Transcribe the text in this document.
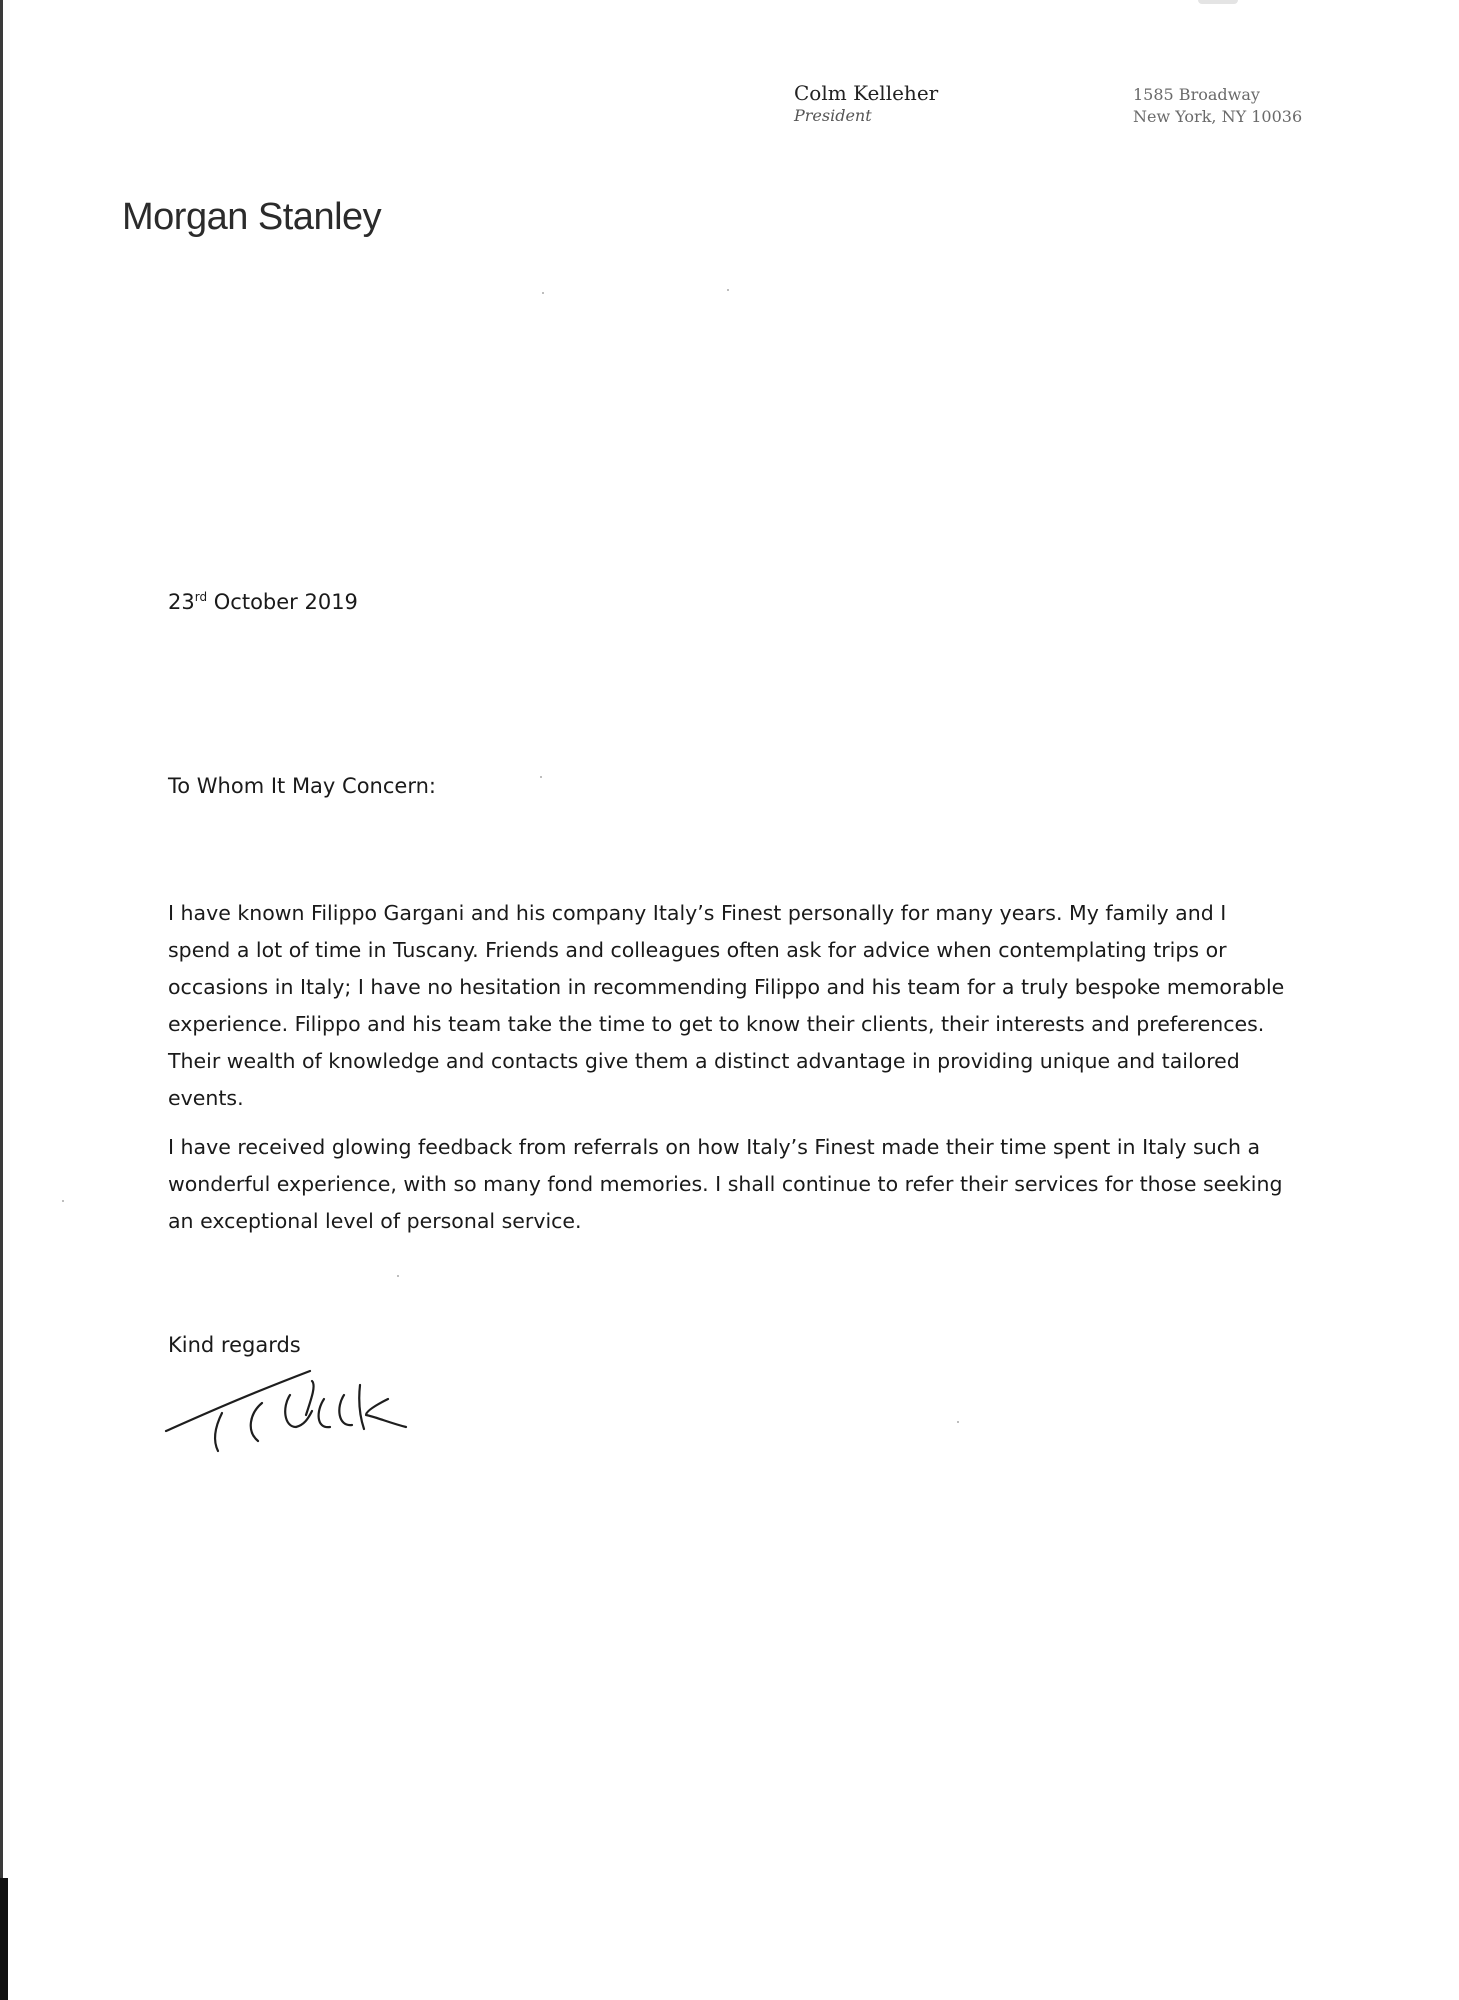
Colm Kelleher
President
1585 Broadway
New York, NY 10036
Morgan Stanley
23rd October 2019
To Whom It May Concern:

I have known Filippo Gargani and his company Italy’s Finest personally for many years. My family and I spend a lot of time in Tuscany. Friends and colleagues often ask for advice when contemplating trips or occasions in Italy; I have no hesitation in recommending Filippo and his team for a truly bespoke memorable experience. Filippo and his team take the time to get to know their clients, their interests and preferences. Their wealth of knowledge and contacts give them a distinct advantage in providing unique and tailored events.

I have received glowing feedback from referrals on how Italy’s Finest made their time spent in Italy such a wonderful experience, with so many fond memories. I shall continue to refer their services for those seeking an exceptional level of personal service.

Kind regards
